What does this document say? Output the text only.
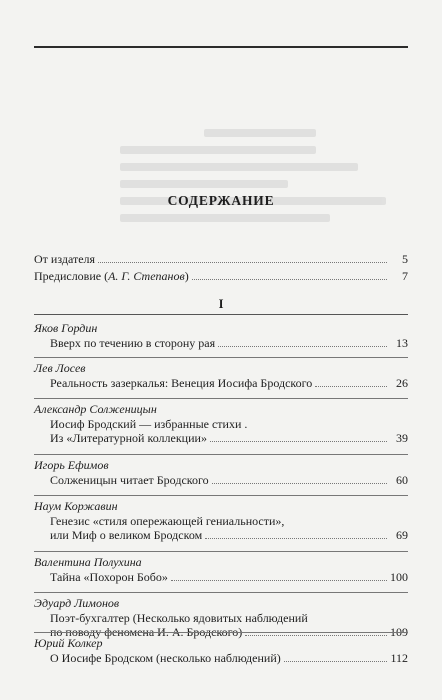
СОДЕРЖАНИЕ
От издателя	5
Предисловие (А. Г. Степанов)	7
I
Яков Гордин
Вверх по течению в сторону рая	13
Лев Лосев
Реальность зазеркалья: Венеция Иосифа Бродского	26
Александр Солженицын
Иосиф Бродский — избранные стихи .
Из «Литературной коллекции»	39
Игорь Ефимов
Солженицын читает Бродского	60
Наум Коржавин
Генезис «стиля опережающей гениальности»,
или Миф о великом Бродском	69
Валентина Полухина
Тайна «Похорон Бобо»	100
Эдуард Лимонов
Поэт-бухгалтер (Несколько ядовитых наблюдений
по поводу феномена И. А. Бродского)	109
Юрий Колкер
О Иосифе Бродском (несколько наблюдений)	112
